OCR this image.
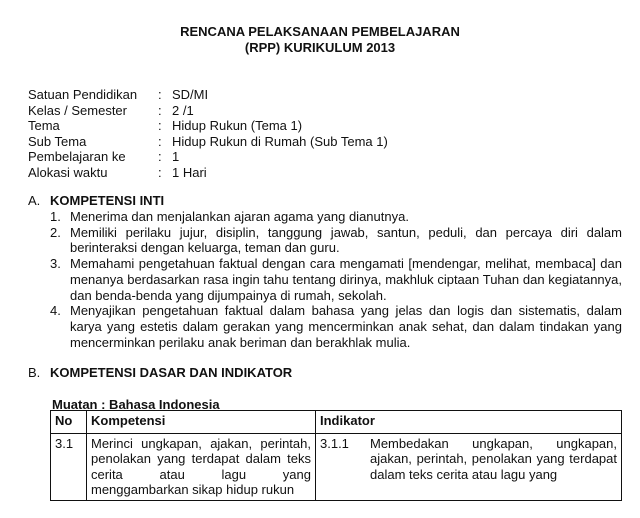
RENCANA PELAKSANAAN PEMBELAJARAN
(RPP) KURIKULUM 2013
Satuan Pendidikan	: SD/MI
Kelas / Semester	: 2 /1
Tema	: Hidup Rukun (Tema 1)
Sub Tema	: Hidup Rukun di Rumah (Sub Tema 1)
Pembelajaran ke	: 1
Alokasi waktu	: 1 Hari
A. KOMPETENSI INTI
1. Menerima dan menjalankan ajaran agama yang dianutnya.
2. Memiliki perilaku jujur, disiplin, tanggung jawab, santun, peduli, dan percaya diri dalam berinteraksi dengan keluarga, teman dan guru.
3. Memahami pengetahuan faktual dengan cara mengamati [mendengar, melihat, membaca] dan menanya berdasarkan rasa ingin tahu tentang dirinya, makhluk ciptaan Tuhan dan kegiatannya, dan benda-benda yang dijumpainya di rumah, sekolah.
4. Menyajikan pengetahuan faktual dalam bahasa yang jelas dan logis dan sistematis, dalam karya yang estetis dalam gerakan yang mencerminkan anak sehat, dan dalam tindakan yang mencerminkan perilaku anak beriman dan berakhlak mulia.
B. KOMPETENSI DASAR DAN INDIKATOR
Muatan : Bahasa Indonesia
No	Kompetensi	Indikator
3.1	Merinci ungkapan, ajakan, perintah, penolakan yang terdapat dalam teks cerita atau lagu yang menggambarkan sikap hidup rukun	3.1.1 Membedakan ungkapan, ungkapan, ajakan, perintah, penolakan yang terdapat dalam teks cerita atau lagu yang
